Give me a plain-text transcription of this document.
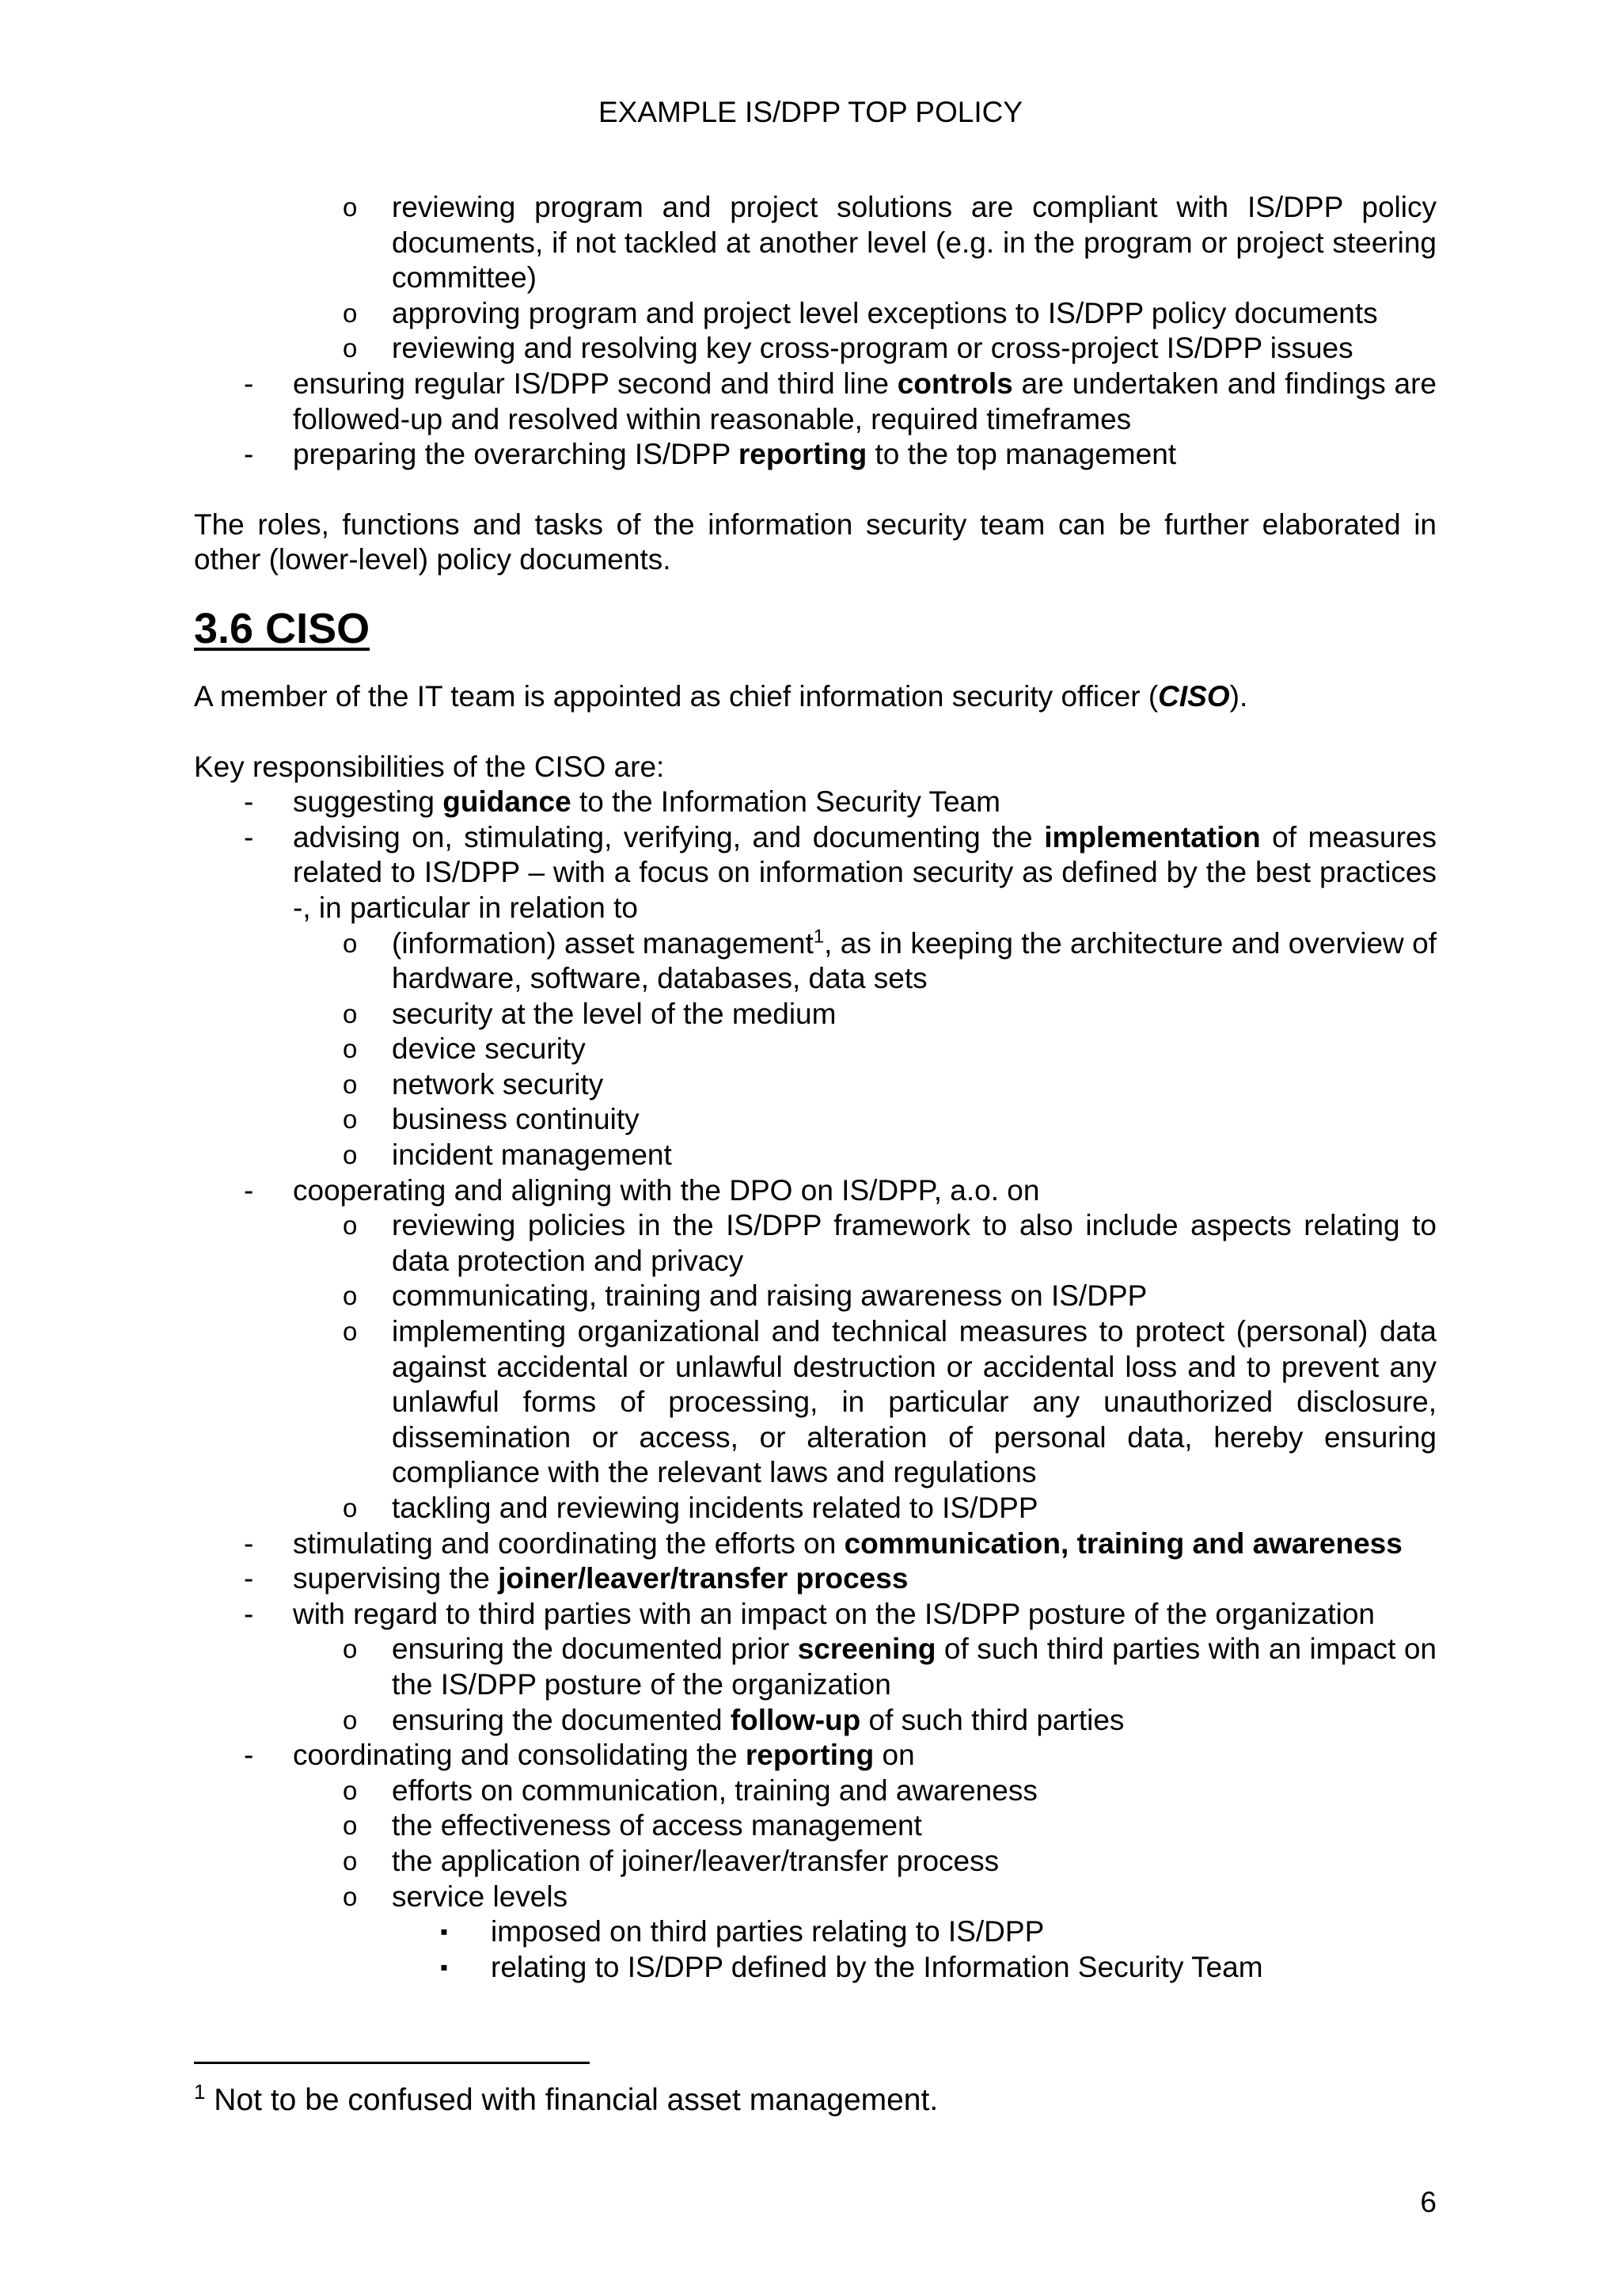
EXAMPLE IS/DPP TOP POLICY
o reviewing program and project solutions are compliant with IS/DPP policy documents, if not tackled at another level (e.g. in the program or project steering committee)
o approving program and project level exceptions to IS/DPP policy documents
o reviewing and resolving key cross-program or cross-project IS/DPP issues
- ensuring regular IS/DPP second and third line controls are undertaken and findings are followed-up and resolved within reasonable, required timeframes
- preparing the overarching IS/DPP reporting to the top management
The roles, functions and tasks of the information security team can be further elaborated in other (lower-level) policy documents.
3.6 CISO
A member of the IT team is appointed as chief information security officer (CISO).
Key responsibilities of the CISO are:
- suggesting guidance to the Information Security Team
- advising on, stimulating, verifying, and documenting the implementation of measures related to IS/DPP – with a focus on information security as defined by the best practices -, in particular in relation to
o (information) asset management$^1$, as in keeping the architecture and overview of hardware, software, databases, data sets
o security at the level of the medium
o device security
o network security
o business continuity
o incident management
- cooperating and aligning with the DPO on IS/DPP, a.o. on
o reviewing policies in the IS/DPP framework to also include aspects relating to data protection and privacy
o communicating, training and raising awareness on IS/DPP
o implementing organizational and technical measures to protect (personal) data against accidental or unlawful destruction or accidental loss and to prevent any unlawful forms of processing, in particular any unauthorized disclosure, dissemination or access, or alteration of personal data, hereby ensuring compliance with the relevant laws and regulations
o tackling and reviewing incidents related to IS/DPP
- stimulating and coordinating the efforts on communication, training and awareness
- supervising the joiner/leaver/transfer process
- with regard to third parties with an impact on the IS/DPP posture of the organization
o ensuring the documented prior screening of such third parties with an impact on the IS/DPP posture of the organization
o ensuring the documented follow-up of such third parties
- coordinating and consolidating the reporting on
o efforts on communication, training and awareness
o the effectiveness of access management
o the application of joiner/leaver/transfer process
o service levels
▪ imposed on third parties relating to IS/DPP
▪ relating to IS/DPP defined by the Information Security Team
$^1$ Not to be confused with financial asset management.
6
